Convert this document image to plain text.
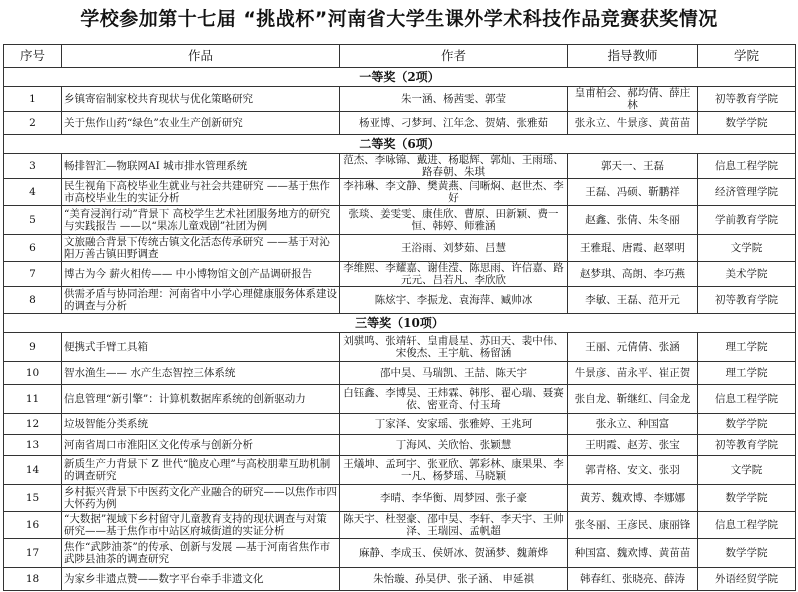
学校参加第十七届 “挑战杯”河南省大学生课外学术科技作品竞赛获奖情况
序号	作品	作者	指导教师	学院
一等奖（2项）				
1	乡镇寄宿制家校共育现状与优化策略研究	朱一涵、杨茜雯、郭莹	皇甫柏会、郝均倩、薛庄林	初等教育学院
2	关于焦作山药“绿色”农业生产创新研究	杨亚博、刁梦珂、江年念、贺婧、张雅茹	张永立、牛景彦、黄苗苗	数学学院
二等奖（6项）				
3	畅排智汇—物联网AI 城市排水管理系统	范杰、李咏锦、戴进、杨聪辉、郭灿、王雨瑶、路春朝、朱琪	郭天一、王磊	信息工程学院
4	民生视角下高校毕业生就业与社会共建研究 ——基于焦作市高校毕业生的实证分析	李祎琳、李文静、樊黄燕、闫晰焖、赵世杰、李好	王磊、冯硕、靳鹏祥	经济管理学院
5	“美育浸润行动”背景下 高校学生艺术社团服务地方的研究与实践报告 ——以“果冻儿童戏剧”社团为例	张琰、姜雯雯、康佳欣、曹原、田新颖、费一恒、韩婷、师雅涵	赵鑫、张倩、朱冬丽	学前教育学院
6	文旅融合背景下传统古镇文化活态传承研究 ——基于对沁阳万善古镇田野调查	王浴雨、刘梦茹、吕慧	王雅琨、唐霞、赵翠明	文学院
7	博古为今 薪火相传—— 中小博物馆文创产品调研报告	李维熙、李耀嘉、谢佳滢、陈思雨、许信嘉、路元元、吕若凡、李欣欣	赵梦琪、高朗、李巧燕	美术学院
8	供需矛盾与协同治理：河南省中小学心理健康服务体系建设的调查与分析	陈炫宇、李振龙、袁海萍、臧帅冰	李敏、王磊、范开元	初等教育学院
三等奖（10项）				
9	便携式手臂工具箱	刘骐鸣、张靖轩、皇甫晨星、苏田天、裴中伟、宋俊杰、王宇航、杨留涵	王丽、元倩倩、张涵	理工学院
10	智水渔生—— 水产生态智控三体系统	邵中昊、马瑞凯、王喆、陈天宇	牛景彦、苗永平、崔正贺	理工学院
11	信息管理“新引擎”：计算机数据库系统的创新驱动力	白钰鑫、李博昊、王炜霖、韩彤、翟心瑞、聂赛依、密亚奇、付玉琦	张自龙、靳继红、闫金龙	信息工程学院
12	垃圾智能分类系统	丁家泽、安家瑶、张雅婷、王兆珂	张永立、种国富	数学学院
13	河南省周口市淮阳区文化传承与创新分析	丁海风、关欣怡、张颖慧	王明霞、赵芳、张宝	初等教育学院
14	新质生产力背景下 Z 世代“脆皮心理”与高校朋辈互助机制 的调查研究	王燨坤、孟珂宇、张亚欣、郭彩林、康果果、李一凡、杨梦瑶、马晓颖	郭青格、安文、张羽	文学院
15	乡村振兴背景下中医药文化产业融合的研究——以焦作市四大怀药为例	李晴、李华衡、周梦园、张子豪	黄芳、魏欢博、李娜娜	数学学院
16	“大数据”视域下乡村留守儿童教育支持的现状调查与对策研究——基于焦作市中站区府城街道的实证分析	陈天宇、杜翌豪、邵中昊、李轩、李天宇、王帅泽、王瑞园、孟帆超	张冬丽、王彦民、康丽锋	信息工程学院
17	焦作“武陟油茶”的传承、创新与发展 —基于河南省焦作市武陟县油茶的调查研究	麻静、李成玉、侯妍冰、贺涵梦、魏萧烨	种国富、魏欢博、黄苗苗	数学学院
18	为家乡非遗点赞——数字平台牵手非遗文化	朱怡璇、孙昊伊、张子涵、 申延祺	韩春红、张晓亮、薛涛	外语经贸学院
